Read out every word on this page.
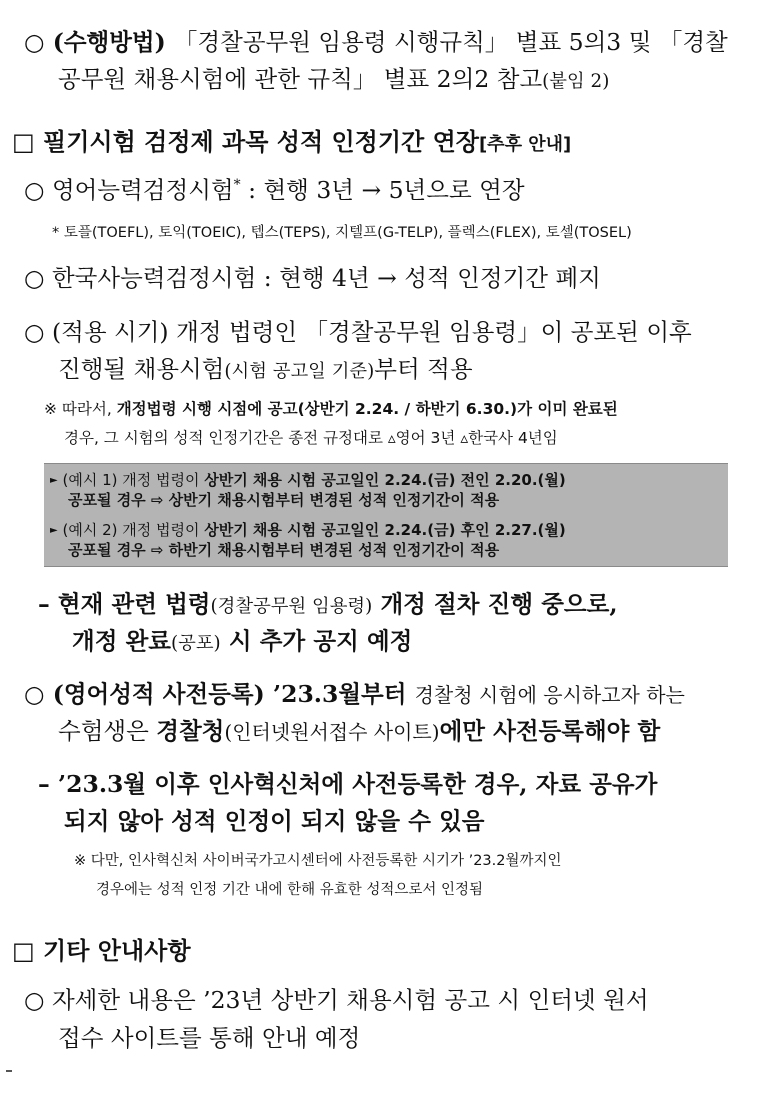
○ (수행방법) 「경찰공무원 임용령 시행규칙」 별표 5의3 및 「경찰
공무원 채용시험에 관한 규칙」 별표 2의2 참고(붙임 2)
□ 필기시험 검정제 과목 성적 인정기간 연장[추후 안내]
○ 영어능력검정시험* : 현행 3년 → 5년으로 연장
* 토플(TOEFL), 토익(TOEIC), 텝스(TEPS), 지텔프(G-TELP), 플렉스(FLEX), 토셀(TOSEL)
○ 한국사능력검정시험 : 현행 4년 → 성적 인정기간 폐지
○ (적용 시기) 개정 법령인 「경찰공무원 임용령」이 공포된 이후
진행될 채용시험(시험 공고일 기준)부터 적용
※ 따라서, 개정법령 시행 시점에 공고(상반기 2.24. / 하반기 6.30.)가 이미 완료된
경우, 그 시험의 성적 인정기간은 종전 규정대로 ▵영어 3년 ▵한국사 4년임
► (예시 1) 개정 법령이 상반기 채용 시험 공고일인 2.24.(금) 전인 2.20.(월)
공포될 경우 ⇨ 상반기 채용시험부터 변경된 성적 인정기간이 적용
► (예시 2) 개정 법령이 상반기 채용 시험 공고일인 2.24.(금) 후인 2.27.(월)
공포될 경우 ⇨ 하반기 채용시험부터 변경된 성적 인정기간이 적용
– 현재 관련 법령(경찰공무원 임용령) 개정 절차 진행 중으로,
개정 완료(공포) 시 추가 공지 예정
○ (영어성적 사전등록) ’23.3월부터 경찰청 시험에 응시하고자 하는
수험생은 경찰청(인터넷원서접수 사이트)에만 사전등록해야 함
– ’23.3월 이후 인사혁신처에 사전등록한 경우, 자료 공유가
되지 않아 성적 인정이 되지 않을 수 있음
※ 다만, 인사혁신처 사이버국가고시센터에 사전등록한 시기가 ’23.2월까지인
경우에는 성적 인정 기간 내에 한해 유효한 성적으로서 인정됨
□ 기타 안내사항
○ 자세한 내용은 ’23년 상반기 채용시험 공고 시 인터넷 원서
접수 사이트를 통해 안내 예정
